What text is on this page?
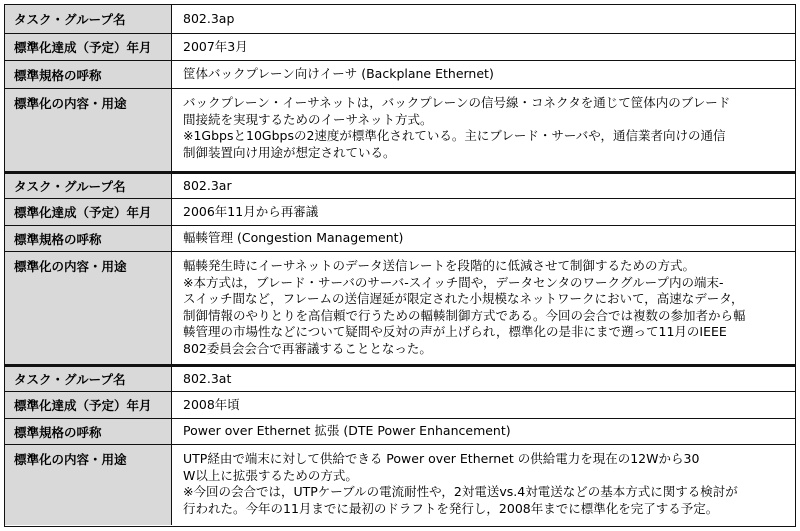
タスク・グループ名	802.3ap
標準化達成（予定）年月	2007年3月
標準規格の呼称	筐体バックプレーン向けイーサ (Backplane Ethernet)
標準化の内容・用途	バックプレーン・イーサネットは，バックプレーンの信号線・コネクタを通じて筐体内のブレード

間接続を実現するためのイーサネット方式。

※1Gbpsと10Gbpsの2速度が標準化されている。主にブレード・サーバや，通信業者向けの通信

制御装置向け用途が想定されている。

タスク・グループ名	802.3ar
標準化達成（予定）年月	2006年11月から再審議
標準規格の呼称	輻輳管理 (Congestion Management)
標準化の内容・用途	輻輳発生時にイーサネットのデータ送信レートを段階的に低減させて制御するための方式。

※本方式は，ブレード・サーバのサーバ-スイッチ間や，データセンタのワークグループ内の端末-

スイッチ間など，フレームの送信遅延が限定された小規模なネットワークにおいて，高速なデータ，

制御情報のやりとりを高信頼で行うための輻輳制御方式である。今回の会合では複数の参加者から輻

輳管理の市場性などについて疑問や反対の声が上げられ，標準化の是非にまで遡って11月のIEEE

802委員会会合で再審議することとなった。

タスク・グループ名	802.3at
標準化達成（予定）年月	2008年頃
標準規格の呼称	Power over Ethernet 拡張 (DTE Power Enhancement)
標準化の内容・用途	UTP経由で端末に対して供給できる Power over Ethernet の供給電力を現在の12Wから30

W以上に拡張するための方式。

※今回の会合では，UTPケーブルの電流耐性や，2対電送vs.4対電送などの基本方式に関する検討が

行われた。今年の11月までに最初のドラフトを発行し，2008年までに標準化を完了する予定。
